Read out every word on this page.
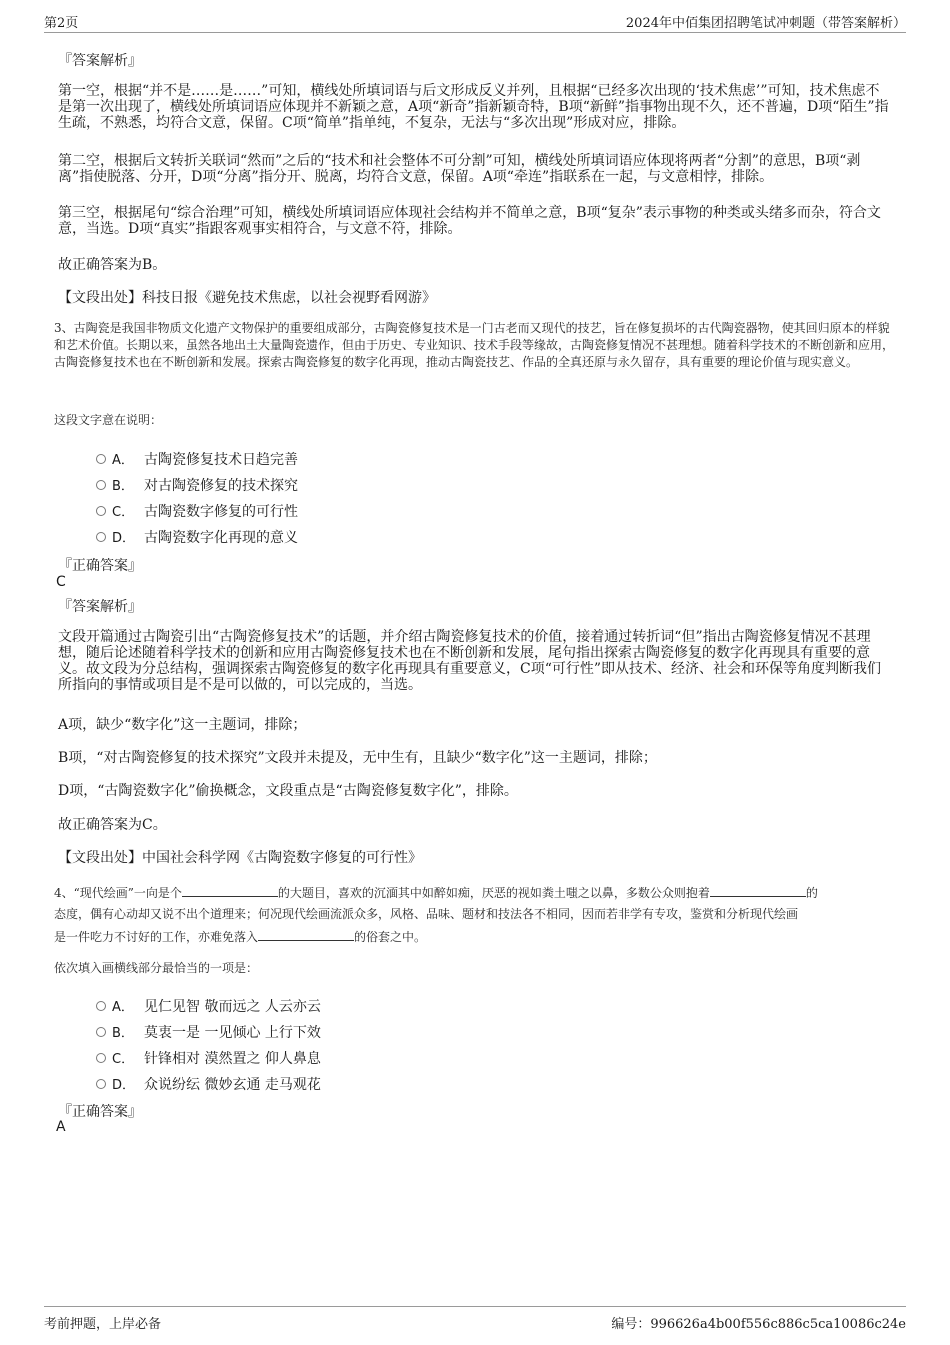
第2页	2024年中佰集团招聘笔试冲刺题（带答案解析）
『答案解析』
第一空，根据“并不是……是……”可知，横线处所填词语与后文形成反义并列，且根据“已经多次出现的‘技术焦虑’”可知，技术焦虑不是第一次出现了，横线处所填词语应体现并不新颖之意，A项“新奇”指新颖奇特，B项“新鲜”指事物出现不久，还不普遍，D项“陌生”指生疏，不熟悉，均符合文意，保留。C项“简单”指单纯，不复杂，无法与“多次出现”形成对应，排除。
第二空，根据后文转折关联词“然而”之后的“技术和社会整体不可分割”可知，横线处所填词语应体现将两者“分割”的意思，B项“剥离”指使脱落、分开，D项“分离”指分开、脱离，均符合文意，保留。A项“牵连”指联系在一起，与文意相悖，排除。
第三空，根据尾句“综合治理”可知，横线处所填词语应体现社会结构并不简单之意，B项“复杂”表示事物的种类或头绪多而杂，符合文意，当选。D项“真实”指跟客观事实相符合，与文意不符，排除。
故正确答案为B。
【文段出处】科技日报《避免技术焦虑，以社会视野看网游》
3、古陶瓷是我国非物质文化遗产文物保护的重要组成部分，古陶瓷修复技术是一门古老而又现代的技艺，旨在修复损坏的古代陶瓷器物，使其回归原本的样貌和艺术价值。长期以来，虽然各地出土大量陶瓷遗作，但由于历史、专业知识、技术手段等缘故，古陶瓷修复情况不甚理想。随着科学技术的不断创新和应用，古陶瓷修复技术也在不断创新和发展。探索古陶瓷修复的数字化再现，推动古陶瓷技艺、作品的全真还原与永久留存，具有重要的理论价值与现实意义。
这段文字意在说明：
A． 古陶瓷修复技术日趋完善
B． 对古陶瓷修复的技术探究
C． 古陶瓷数字修复的可行性
D． 古陶瓷数字化再现的意义
『正确答案』
C
『答案解析』
文段开篇通过古陶瓷引出“古陶瓷修复技术”的话题，并介绍古陶瓷修复技术的价值，接着通过转折词“但”指出古陶瓷修复情况不甚理想，随后论述随着科学技术的创新和应用古陶瓷修复技术也在不断创新和发展，尾句指出探索古陶瓷修复的数字化再现具有重要的意义。故文段为分总结构，强调探索古陶瓷修复的数字化再现具有重要意义，C项“可行性”即从技术、经济、社会和环保等角度判断我们所指向的事情或项目是不是可以做的，可以完成的，当选。
A项，缺少“数字化”这一主题词，排除；
B项，“对古陶瓷修复的技术探究”文段并未提及，无中生有，且缺少“数字化”这一主题词，排除；
D项，“古陶瓷数字化”偷换概念，文段重点是“古陶瓷修复数字化”，排除。
故正确答案为C。
【文段出处】中国社会科学网《古陶瓷数字修复的可行性》
4、“现代绘画”一向是个	的大题目，喜欢的沉湎其中如醉如痴，厌恶的视如粪土嗤之以鼻，多数公众则抱着	的
态度，偶有心动却又说不出个道理来；何况现代绘画流派众多，风格、品味、题材和技法各不相同，因而若非学有专攻，鉴赏和分析现代绘画
是一件吃力不讨好的工作，亦难免落入	的俗套之中。
依次填入画横线部分最恰当的一项是：
A． 见仁见智 敬而远之 人云亦云
B． 莫衷一是 一见倾心 上行下效
C． 针锋相对 漠然置之 仰人鼻息
D． 众说纷纭 微妙玄通 走马观花
『正确答案』
A
考前押题，上岸必备	编号：996626a4b00f556c886c5ca10086c24e
